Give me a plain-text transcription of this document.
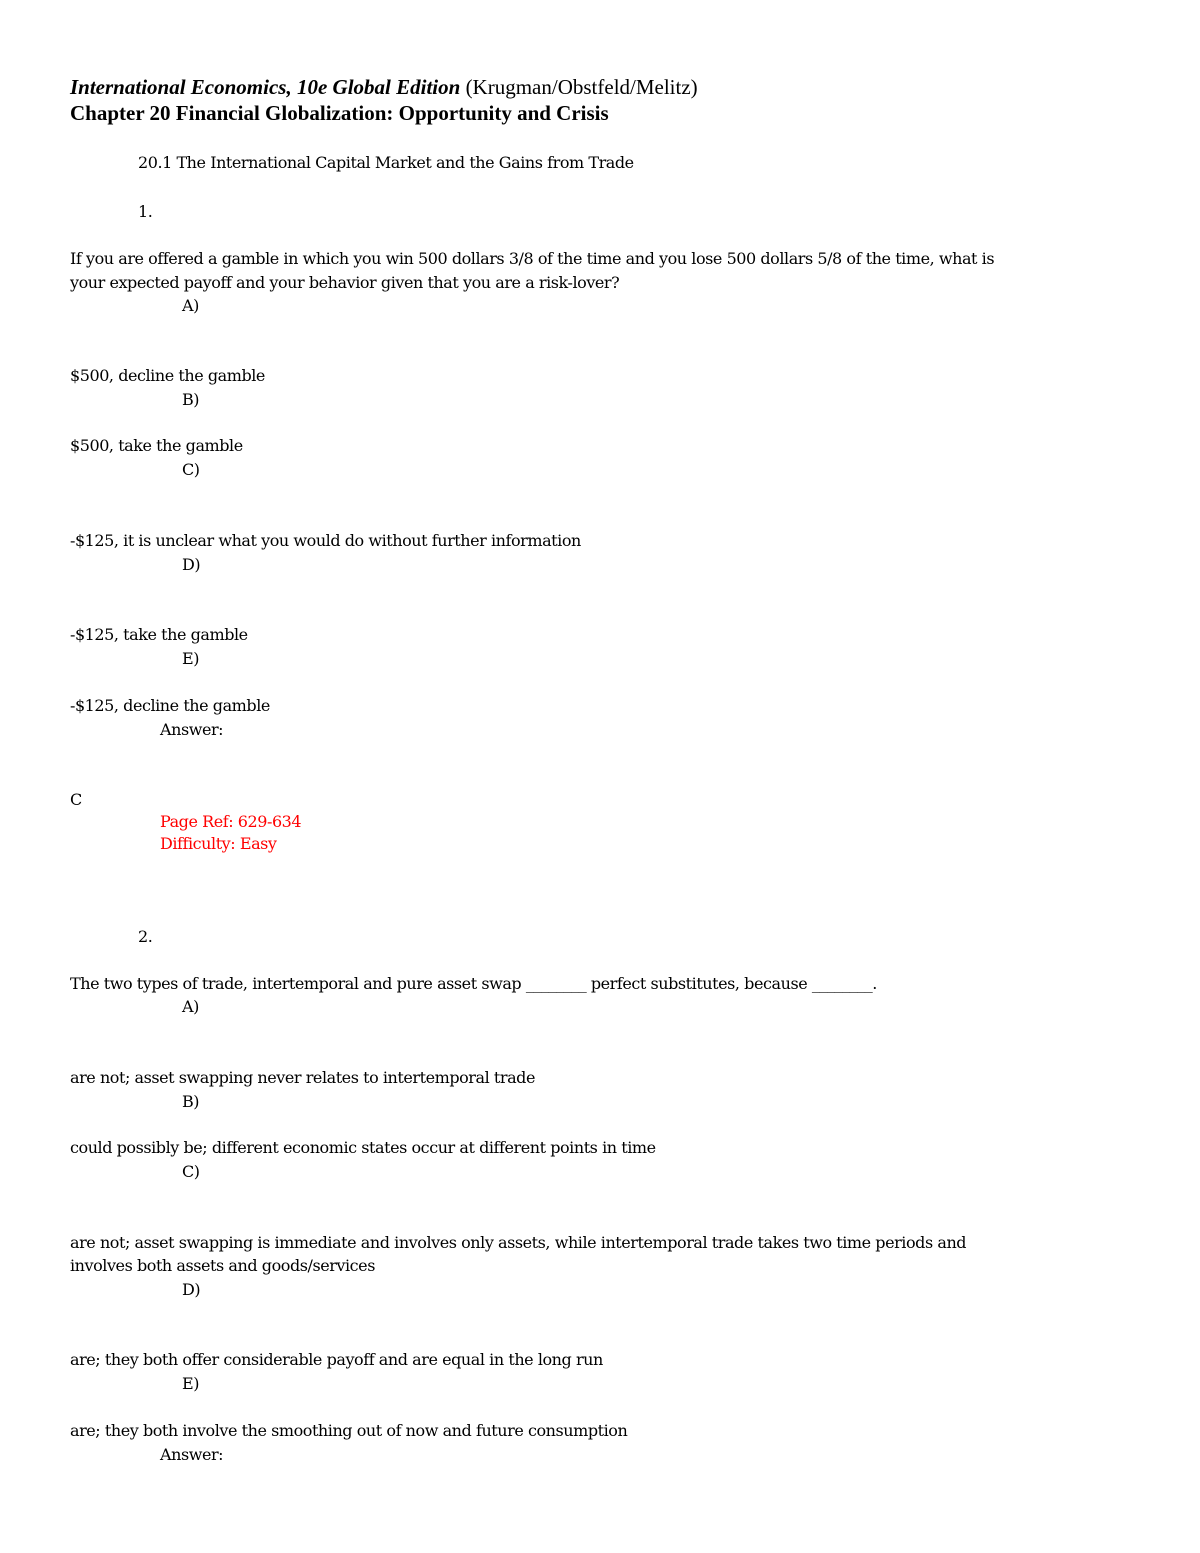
International Economics, 10e Global Edition (Krugman/Obstfeld/Melitz)
Chapter 20 Financial Globalization: Opportunity and Crisis
20.1 The International Capital Market and the Gains from Trade
1.
If you are offered a gamble in which you win 500 dollars 3/8 of the time and you lose 500 dollars 5/8 of the time, what is
your expected payoff and your behavior given that you are a risk-lover?
A)
$500, decline the gamble
B)
$500, take the gamble
C)
-$125, it is unclear what you would do without further information
D)
-$125, take the gamble
E)
-$125, decline the gamble
Answer:
C
Page Ref: 629-634
Difficulty: Easy
2.
The two types of trade, intertemporal and pure asset swap ________ perfect substitutes, because ________.
A)
are not; asset swapping never relates to intertemporal trade
B)
could possibly be; different economic states occur at different points in time
C)
are not; asset swapping is immediate and involves only assets, while intertemporal trade takes two time periods and
involves both assets and goods/services
D)
are; they both offer considerable payoff and are equal in the long run
E)
are; they both involve the smoothing out of now and future consumption
Answer:
